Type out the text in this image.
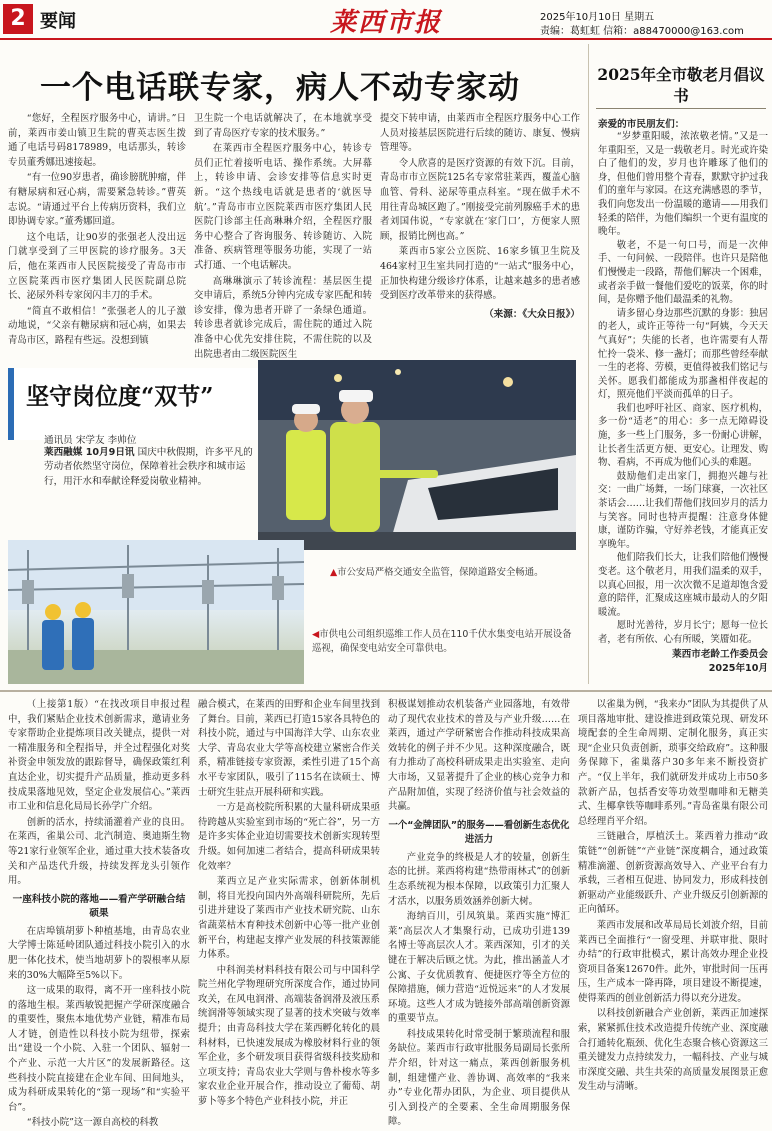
2 要闻	莱西市报	2025年10月10日 星期五
责编：葛虹虹 信箱：a88470000@163.com
一个电话联专家，病人不动专家动

“您好，全程医疗服务中心，请讲。”日前，莱西市姜山镇卫生院的曹英志医生拨通了电话号码8178989，电话那头，转诊专员董秀娜迅速接起。

“有一位90岁患者，确诊膀胱肿瘤，伴有糖尿病和冠心病，需要紧急转诊。”曹英志说。“请通过平台上传病历资料，我们立即协调专家。”董秀娜回道。

这个电话，让90岁的张强老人没出远门就享受到了三甲医院的诊疗服务。3天后，他在莱西市人民医院接受了青岛市市立医院莱西市医疗集团人民医院副总院长、泌尿外科专家闵闪丰刀的手术。

“简直不敢相信！”张强老人的儿子激动地说，“父亲有糖尿病和冠心病，如果去青岛市区，路程有些远。没想到镇

卫生院一个电话就解决了，在本地就享受到了青岛医疗专家的技术服务。”

在莱西市全程医疗服务中心，转诊专员们正忙着接听电话、操作系统。大屏幕上，转诊申请、会诊安排等信息实时更新。“这个热线电话就是患者的‘就医导航’。”青岛市市立医院莱西市医疗集团人民医院门诊部主任高琳琳介绍，全程医疗服务中心整合了咨询服务、转诊随访、入院准备、疾病管理等服务功能，实现了一站式打通、一个电话解决。

高琳琳演示了转诊流程：基层医生提交申请后，系统5分钟内完成专家匹配和转诊安排，像为患者开辟了一条绿色通道。转诊患者就诊完成后，需住院的通过入院准备中心优先安排住院，不需住院的以及出院患者由二级医院医生

提交下转申请，由莱西市全程医疗服务中心工作人员对接基层医院进行后续的随访、康复、慢病管理等。

令人欣喜的是医疗资源的有效下沉。目前，青岛市市立医院125名专家常驻莱西，覆盖心脑血管、骨科、泌尿等重点科室。“现在做手术不用往青岛城区跑了。”刚接受完前列腺癌手术的患者刘国伟说，“专家就在‘家门口’，方便家人照顾，报销比例也高。”

莱西市5家公立医院、16家乡镇卫生院及464家村卫生室共同打造的“一站式”服务中心，正加快构建分级诊疗体系，让越来越多的患者感受到医疗改革带来的获得感。

（来源：《大众日报》）

2025年全市敬老月倡议书
亲爱的市民朋友们：

“岁梦重阳暖，浓浓敬老情。”又是一年重阳至，又是一载敬老月。时光或许染白了他们的发，岁月也许雕琢了他们的身，但他们曾用整个青春，默默守护过我们的童年与家园。在这充满感恩的季节，我们向您发出一份温暖的邀请——用我们轻柔的陪伴，为他们编织一个更有温度的晚年。

敬老，不是一句口号，而是一次伸手、一句问候、一段陪伴。也许只是陪他们慢慢走一段路，帮他们解决一个困难，或者亲手做一餐他们爱吃的饭菜，你的时间，是你赠予他们最温柔的礼物。

请多留心身边那些沉默的身影：独居的老人，或许正等待一句“阿姨，今天天气真好”；失能的长者，也许需要有人帮忙拎一袋米、修一盏灯；而那些曾经奉献一生的老将、劳模，更值得被我们铭记与关怀。愿我们都能成为那盏相伴夜起的灯，照亮他们平淡而孤单的日子。

我们也呼吁社区、商家、医疗机构，多一份“适老”的用心：多一点无障碍设施，多一些上门服务，多一份耐心讲解，让长者生活更方便、更安心。让理发、购物、看病，不再成为他们心头的难题。

鼓励他们走出家门，拥抱兴趣与社交：一曲广场舞，一场门球赛，一次社区茶话会……让我们帮他们找回岁月的活力与笑容。同时也特声提醒：注意身体健康，谨防诈骗，守好养老钱，才能真正安享晚年。

他们陪我们长大，让我们陪他们慢慢变老。这个敬老月，用我们温柔的双手，以真心回报，用一次次微不足道却饱含爱意的陪伴，汇聚成这座城市最动人的夕阳暖流。

愿时光善待，岁月长宁；愿每一位长者，老有所依、心有所暖，笑靥如花。

莱西市老龄工作委员会
2025年10月
坚守岗位度“双节”
通讯员 宋学友 李帅位
莱西融媒 10月9日讯 国庆中秋假期，许多平凡的劳动者依然坚守岗位，保障着社会秩序和城市运行，用汗水和奉献诠释爱岗敬业精神。
▲市公安局严格交通安全监管，保障道路安全畅通。
◀市供电公司组织巡维工作人员在110千伏水集变电站开展设备巡视，确保变电站安全可靠供电。

（上接第1版）“在找改项目申报过程中，我们紧贴企业技术创新需求，邀请业务专家帮助企业提炼项目改关键点，提供一对一精准服务和全程指导，并全过程强化对奖补资金申领发放的跟踪督导，确保政策红利直达企业，切实提升产品质量，推动更多科技成果落地见效，坚定企业发展信心。”莱西市工业和信息化局局长孙学广介绍。

创新的活水，持续涌灌着产业的良田。在莱西，雀巢公司、北汽制造、奥迪斯生物等21家行业领军企业，通过重大技术装备攻关和产品迭代升级，持续发挥龙头引领作用。

一座科技小院的落地——看产学研融合结硕果

在店埠镇胡萝卜种植基地，由青岛农业大学博士陈延岭团队通过科技小院引入的水肥一体化技术，使当地胡萝卜的裂根率从原来的30%大幅降至5%以下。

这一成果的取得，离不开一座科技小院的落地生根。莱西敏锐把握产学研深度融合的重要性，聚焦本地优势产业链，精准布局人才链，创造性以科技小院为纽带，探索出“建设一个小院、入驻一个团队、辐射一个产业、示范一大片区”的发展新路径。这些科技小院直接建在企业车间、田间地头，成为科研成果转化的“第一现场”和“实验平台”。

“科技小院”这一源自高校的科教

融合模式，在莱西的田野和企业车间里找到了舞台。目前，莱西已打造15家各具特色的科技小院，通过与中国海洋大学、山东农业大学、青岛农业大学等高校建立紧密合作关系，精准链接专家资源，柔性引进了15个高水平专家团队，吸引了115名在读硕士、博士研究生驻点开展科研和实践。

一方是高校院所积累的大量科研成果亟待跨越从实验室到市场的“死亡谷”，另一方是许多实体企业迫切需要技术创新实现转型升级。如何加速二者结合，提高科研成果转化效率？

莱西立足产业实际需求，创新体制机制，将目光投向国内外高端科研院所，先后引进并建设了莱西市产业技术研究院、山东省蔬菜枯木育种技术创新中心等一批产业创新平台，构建起支撑产业发展的科技策源能力体系。

中科润美材料科技有限公司与中国科学院兰州化学物理研究所深度合作，通过协同攻关，在风电润滑、高端装备润滑及液压系统润滑等领域实现了显著的技术突破与效率提升；由青岛科技大学在莱西孵化转化的晨科材料，已快速发展成为橡胶材料行业的领军企业，多个研发项目获得省级科技奖励和立项支持；青岛农业大学则与鲁朴梭水等多家农业企业开展合作，推动设立了葡萄、胡萝卜等多个特色产业科技小院，并正

积极谋划推动农机装备产业园落地，有效带动了现代农业技术的普及与产业升级……在莱西，通过产学研紧密合作推动科技成果高效转化的例子并不少见。这种深度融合，既有力推动了高校科研成果走出实验室、走向大市场，又显著提升了企业的核心竞争力和产品附加值，实现了经济价值与社会效益的共赢。

一个“金牌团队”的服务——看创新生态优化进活力

产业竞争的终极是人才的较量，创新生态的比拼。莱西将构建“热带雨林式”的创新生态系统视为根本保障，以政策引力汇聚人才活水，以服务质效涵养创新大树。

海纳百川，引凤筑巢。莱西实施“博汇莱”高层次人才集聚行动，已成功引进139名博士等高层次人才。莱西深知，引才的关键在于解决后顾之忧。为此，推出涵盖人才公寓、子女优质教育、便捷医疗等全方位的保障措施，倾力营造“近悦远来”的人才发展环境。这些人才成为链接外部高端创新资源的重要节点。

科技成果转化时常受制于繁琐流程和服务缺位。莱西市行政审批服务局副局长张所芹介绍，针对这一痛点，莱西创新服务机制，组建懂产业、善协调、高效率的“我来办”专业化帮办团队，为企业、项目提供从引入到投产的全要素、全生命周期服务保障。

以雀巢为例，“我来办”团队为其提供了从项目落地审批、建设推进到政策兑现、研发环境配套的全生命周期、定制化服务，真正实现“企业只负责创新，琐事交给政府”。这种服务保障下，雀巢落户30多年来不断投资扩产。“仅上半年，我们就研发并成功上市50多款新产品，包括香安等功效型咖啡和无糖美式、生椰拿铁等咖啡系列。”青岛雀巢有限公司总经理肖平介绍。

三链融合，厚植沃土。莱西着力推动“政策链”“创新链”“产业链”深度耦合，通过政策精准滴灌、创新资源高效导入、产业平台有力承载，三者相互促进、协同发力，形成科技创新驱动产业能级跃升、产业升级反引创新源的正向循环。

莱西市发展和改革局局长刘波介绍，目前莱西已全面推行“一窗受理、并联审批、限时办结”的行政审批模式，累计高效办理企业投资项目备案12670件。此外，审批时间一压再压，生产成本一降再降，项目建设不断提速，使得莱西的创业创新活力得以充分迸发。

以科技创新融合产业创新，莱西正加速探索，紧紧抓住技术改造提升传统产业、深度融合打通转化瓶颈、优化生态聚合核心资源这三重关键发力点持续发力，一幅科技、产业与城市深度交融、共生共荣的高质量发展图景正愈发生动与清晰。
